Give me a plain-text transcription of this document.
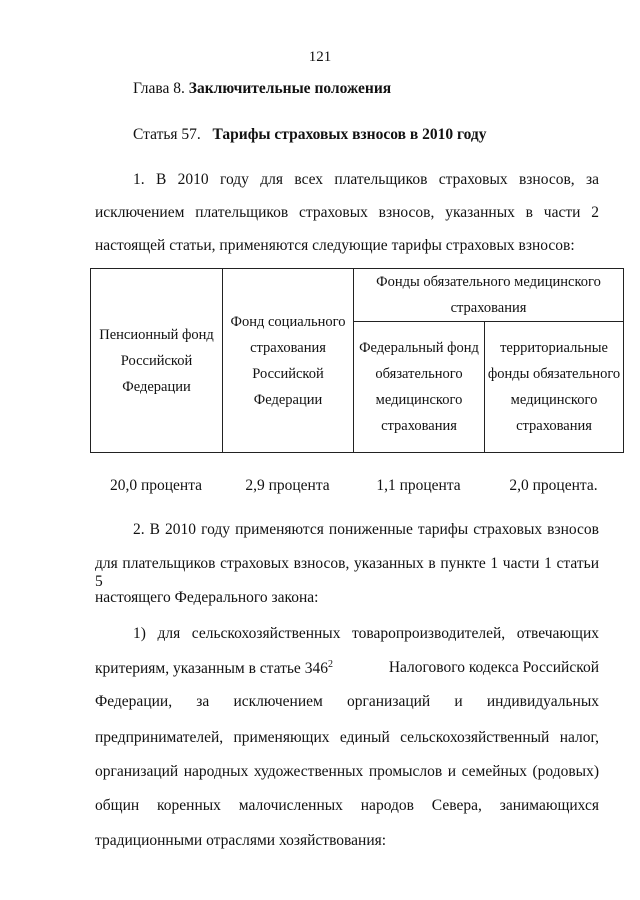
121
Глава 8. Заключительные положения
Статья 57. Тарифы страховых взносов в 2010 году
1. В 2010 году для всех плательщиков страховых взносов, за
исключением плательщиков страховых взносов, указанных в части 2
настоящей статьи, применяются следующие тарифы страховых взносов:
Пенсионный фонд Российской Федерации	Фонд социального страхования Российской Федерации	Фонды обязательного медицинского страхования	
		Федеральный фонд обязательного медицинского страхования	территориальные фонды обязательного медицинского страхования
20,0 процента	2,9 процента	1,1 процента	2,0 процента.
2. В 2010 году применяются пониженные тарифы страховых взносов
для плательщиков страховых взносов, указанных в пункте 1 части 1 статьи 5
настоящего Федерального закона:
1) для сельскохозяйственных товаропроизводителей, отвечающих
критериям, указанным в статье $346^2$	Налогового кодекса Российской
Федерации, за исключением организаций и индивидуальных
предпринимателей, применяющих единый сельскохозяйственный налог,
организаций народных художественных промыслов и семейных (родовых)
общин коренных малочисленных народов Севера, занимающихся
традиционными отраслями хозяйствования:
